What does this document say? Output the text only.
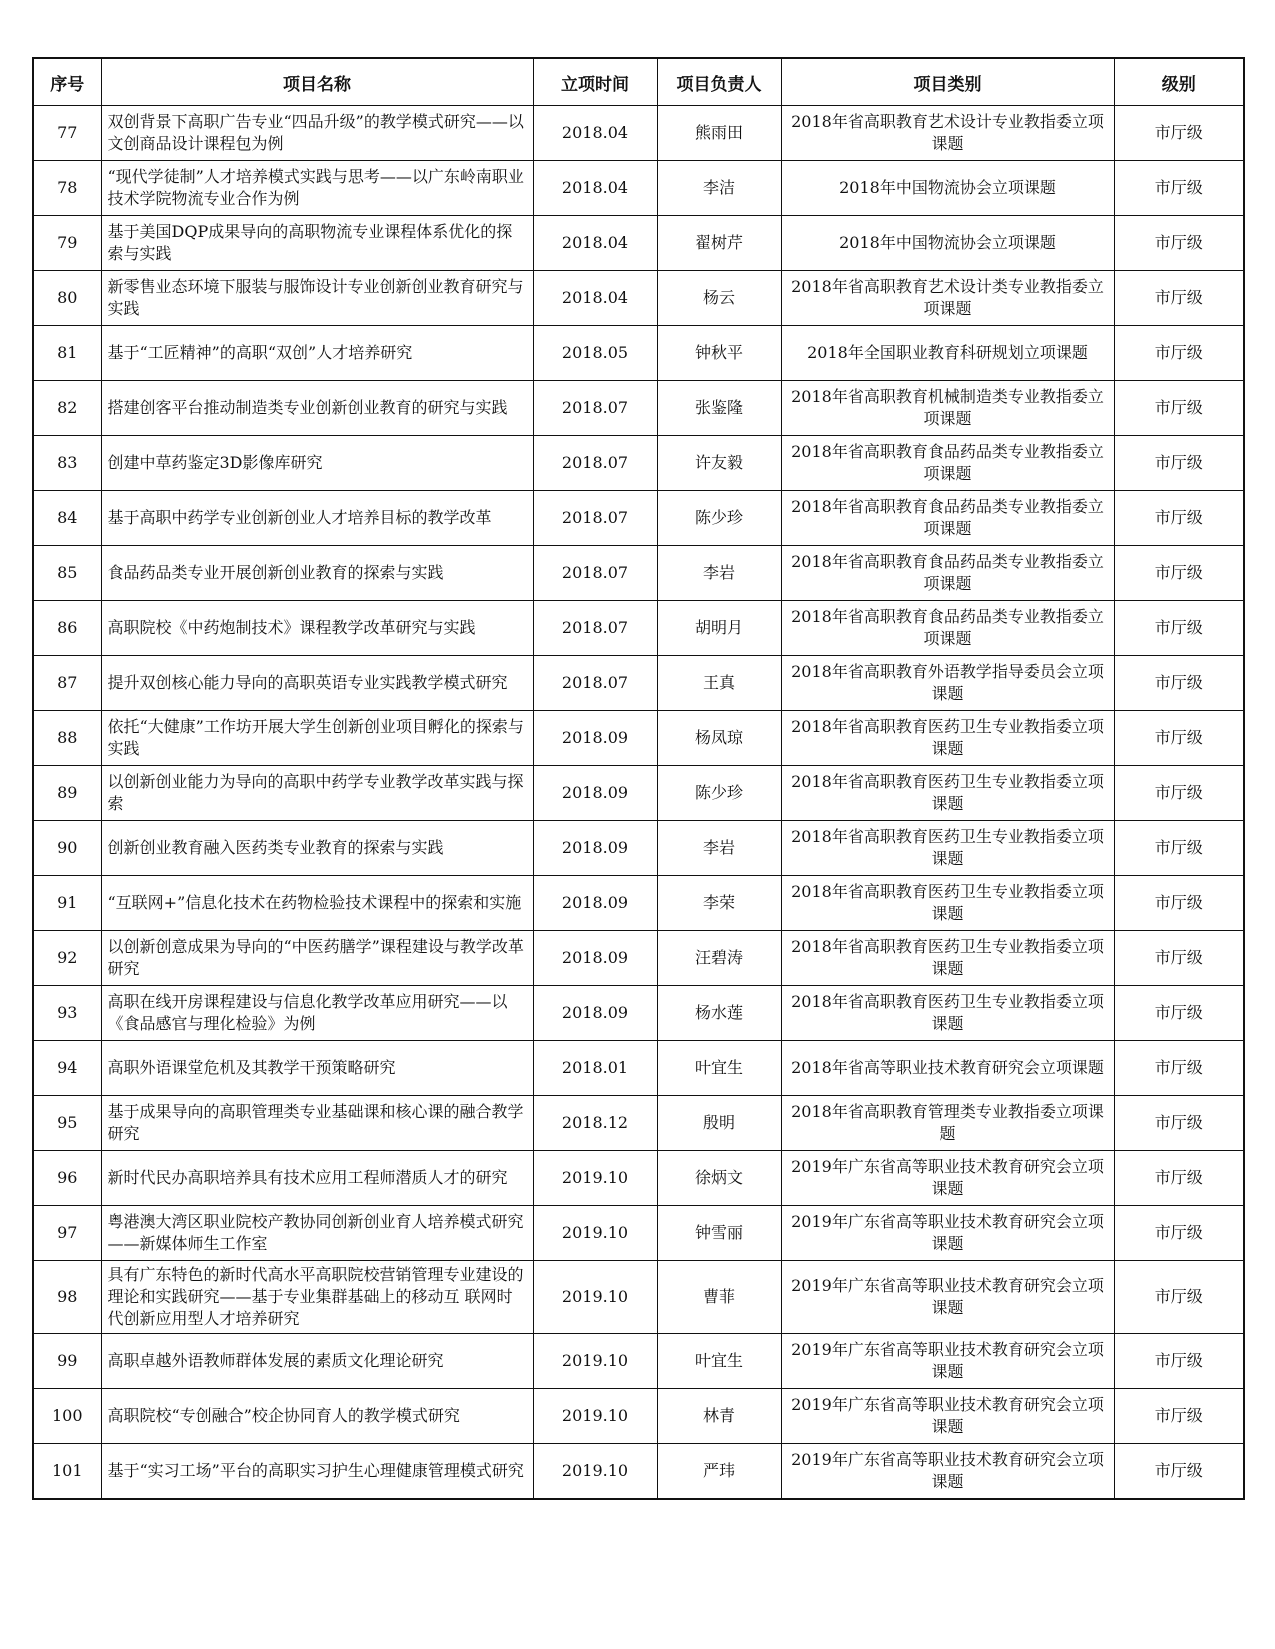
序号	项目名称	立项时间	项目负责人	项目类别	级别
77	双创背景下高职广告专业“四品升级”的教学模式研究——以文创商品设计课程包为例	2018.04	熊雨田	2018年省高职教育艺术设计专业教指委立项课题	市厅级
78	“现代学徒制”人才培养模式实践与思考——以广东岭南职业技术学院物流专业合作为例	2018.04	李洁	2018年中国物流协会立项课题	市厅级
79	基于美国DQP成果导向的高职物流专业课程体系优化的探索与实践	2018.04	翟树芹	2018年中国物流协会立项课题	市厅级
80	新零售业态环境下服装与服饰设计专业创新创业教育研究与实践	2018.04	杨云	2018年省高职教育艺术设计类专业教指委立项课题	市厅级
81	基于“工匠精神”的高职“双创”人才培养研究	2018.05	钟秋平	2018年全国职业教育科研规划立项课题	市厅级
82	搭建创客平台推动制造类专业创新创业教育的研究与实践	2018.07	张鉴隆	2018年省高职教育机械制造类专业教指委立项课题	市厅级
83	创建中草药鉴定3D影像库研究	2018.07	许友毅	2018年省高职教育食品药品类专业教指委立项课题	市厅级
84	基于高职中药学专业创新创业人才培养目标的教学改革	2018.07	陈少珍	2018年省高职教育食品药品类专业教指委立项课题	市厅级
85	食品药品类专业开展创新创业教育的探索与实践	2018.07	李岩	2018年省高职教育食品药品类专业教指委立项课题	市厅级
86	高职院校《中药炮制技术》课程教学改革研究与实践	2018.07	胡明月	2018年省高职教育食品药品类专业教指委立项课题	市厅级
87	提升双创核心能力导向的高职英语专业实践教学模式研究	2018.07	王真	2018年省高职教育外语教学指导委员会立项课题	市厅级
88	依托“大健康”工作坊开展大学生创新创业项目孵化的探索与实践	2018.09	杨凤琼	2018年省高职教育医药卫生专业教指委立项课题	市厅级
89	以创新创业能力为导向的高职中药学专业教学改革实践与探索	2018.09	陈少珍	2018年省高职教育医药卫生专业教指委立项课题	市厅级
90	创新创业教育融入医药类专业教育的探索与实践	2018.09	李岩	2018年省高职教育医药卫生专业教指委立项课题	市厅级
91	“互联网+”信息化技术在药物检验技术课程中的探索和实施	2018.09	李荣	2018年省高职教育医药卫生专业教指委立项课题	市厅级
92	以创新创意成果为导向的“中医药膳学”课程建设与教学改革研究	2018.09	汪碧涛	2018年省高职教育医药卫生专业教指委立项课题	市厅级
93	高职在线开房课程建设与信息化教学改革应用研究——以《食品感官与理化检验》为例	2018.09	杨水莲	2018年省高职教育医药卫生专业教指委立项课题	市厅级
94	高职外语课堂危机及其教学干预策略研究	2018.01	叶宜生	2018年省高等职业技术教育研究会立项课题	市厅级
95	基于成果导向的高职管理类专业基础课和核心课的融合教学研究	2018.12	殷明	2018年省高职教育管理类专业教指委立项课题	市厅级
96	新时代民办高职培养具有技术应用工程师潜质人才的研究	2019.10	徐炳文	2019年广东省高等职业技术教育研究会立项课题	市厅级
97	粤港澳大湾区职业院校产教协同创新创业育人培养模式研究——新媒体师生工作室	2019.10	钟雪丽	2019年广东省高等职业技术教育研究会立项课题	市厅级
98	具有广东特色的新时代高水平高职院校营销管理专业建设的理论和实践研究——基于专业集群基础上的移动互 联网时代创新应用型人才培养研究	2019.10	曹菲	2019年广东省高等职业技术教育研究会立项课题	市厅级
99	高职卓越外语教师群体发展的素质文化理论研究	2019.10	叶宜生	2019年广东省高等职业技术教育研究会立项课题	市厅级
100	高职院校“专创融合”校企协同育人的教学模式研究	2019.10	林青	2019年广东省高等职业技术教育研究会立项课题	市厅级
101	基于“实习工场”平台的高职实习护生心理健康管理模式研究	2019.10	严玮	2019年广东省高等职业技术教育研究会立项课题	市厅级
